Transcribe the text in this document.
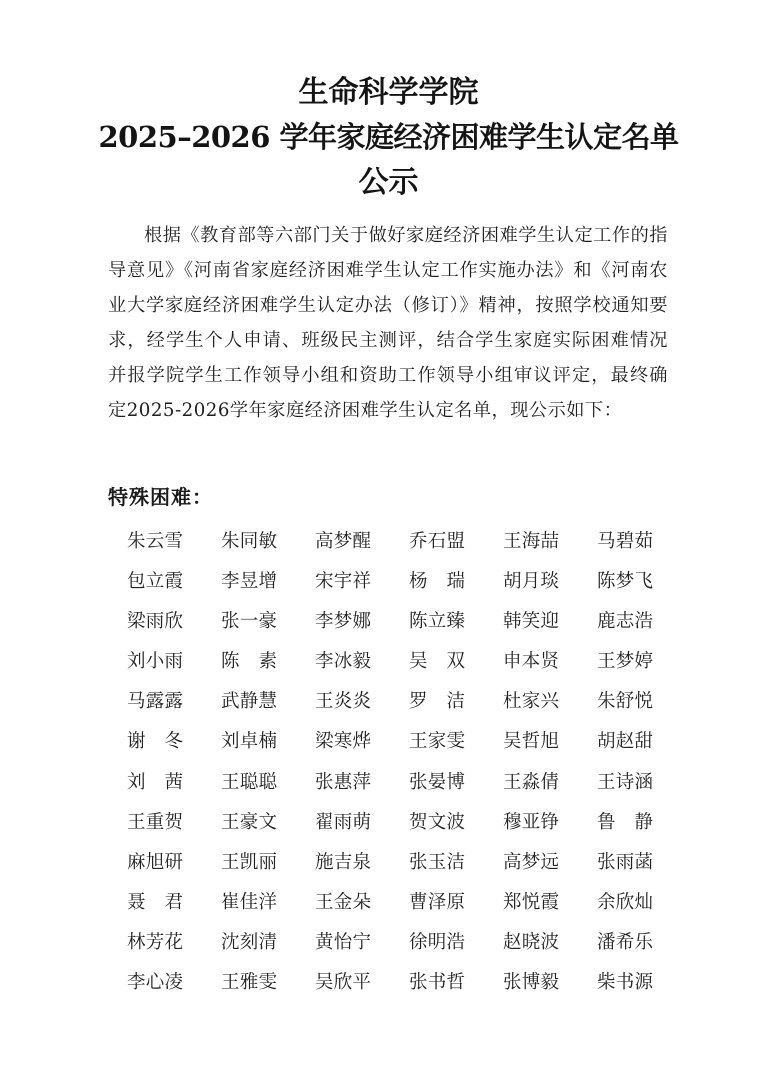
生命科学学院
2025–2026 学年家庭经济困难学生认定名单
公示
根据《教育部等六部门关于做好家庭经济困难学生认定工作的指导意见》《河南省家庭经济困难学生认定工作实施办法》和《河南农业大学家庭经济困难学生认定办法（修订）》精神，按照学校通知要求，经学生个人申请、班级民主测评，结合学生家庭实际困难情况并报学院学生工作领导小组和资助工作领导小组审议评定，最终确定2025-2026学年家庭经济困难学生认定名单，现公示如下：
特殊困难：
朱云雪 朱同敏 高梦醒 乔石盟 王海喆 马碧茹
包立霞 李昱增 宋宇祥 杨瑞 胡月琰 陈梦飞
梁雨欣 张一豪 李梦娜 陈立臻 韩笑迎 鹿志浩
刘小雨 陈素 李冰毅 吴双 申本贤 王梦婷
马露露 武静慧 王炎炎 罗洁 杜家兴 朱舒悦
谢冬 刘卓楠 梁寒烨 王家雯 吴哲旭 胡赵甜
刘茜 王聪聪 张惠萍 张晏博 王淼倩 王诗涵
王重贺 王豪文 翟雨萌 贺文波 穆亚铮 鲁静
麻旭研 王凯丽 施吉泉 张玉洁 高梦远 张雨菡
聂君 崔佳洋 王金朵 曹泽原 郑悦霞 余欣灿
林芳花 沈刻清 黄怡宁 徐明浩 赵晓波 潘希乐
李心凌 王雅雯 吴欣平 张书哲 张博毅 柴书源
